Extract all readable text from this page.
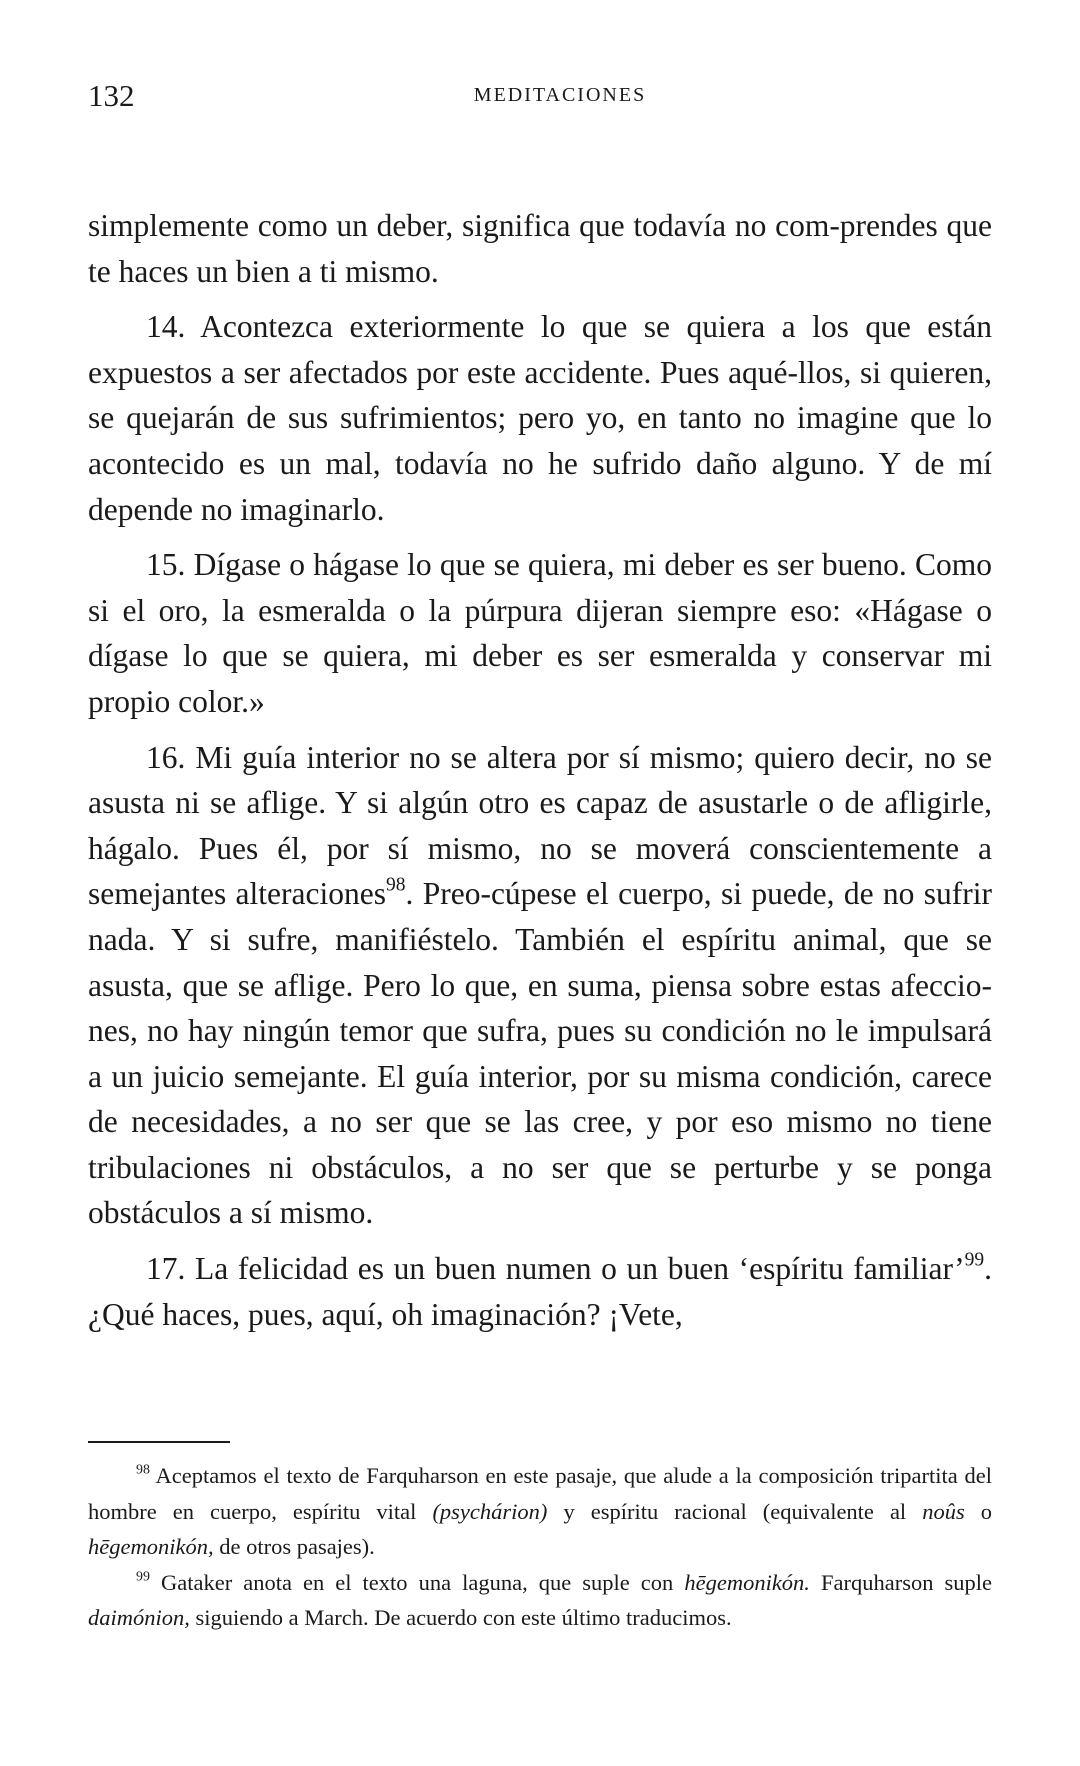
132	MEDITACIONES

simplemente como un deber, significa que todavía no com-prendes que te haces un bien a ti mismo.

14. Acontezca exteriormente lo que se quiera a los que están expuestos a ser afectados por este accidente. Pues aqué-llos, si quieren, se quejarán de sus sufrimientos; pero yo, en tanto no imagine que lo acontecido es un mal, todavía no he sufrido daño alguno. Y de mí depende no imaginarlo.

15. Dígase o hágase lo que se quiera, mi deber es ser bueno. Como si el oro, la esmeralda o la púrpura dijeran siempre eso: «Hágase o dígase lo que se quiera, mi deber es ser esmeralda y conservar mi propio color.»

16. Mi guía interior no se altera por sí mismo; quiero decir, no se asusta ni se aflige. Y si algún otro es capaz de asustarle o de afligirle, hágalo. Pues él, por sí mismo, no se moverá conscientemente a semejantes alteraciones$^{98}$. Preo-cúpese el cuerpo, si puede, de no sufrir nada. Y si sufre, manifiéstelo. También el espíritu animal, que se asusta, que se aflige. Pero lo que, en suma, piensa sobre estas afeccio-nes, no hay ningún temor que sufra, pues su condición no le impulsará a un juicio semejante. El guía interior, por su misma condición, carece de necesidades, a no ser que se las cree, y por eso mismo no tiene tribulaciones ni obstáculos, a no ser que se perturbe y se ponga obstáculos a sí mismo.

17. La felicidad es un buen numen o un buen ‘espíritu familiar’$^{99}$. ¿Qué haces, pues, aquí, oh imaginación? ¡Vete,

$^{98}$ Aceptamos el texto de Farquharson en este pasaje, que alude a la composición tripartita del hombre en cuerpo, espíritu vital (psychárion) y espíritu racional (equivalente al noûs o hēgemonikón, de otros pasajes).

$^{99}$ Gataker anota en el texto una laguna, que suple con hēgemonikón. Farquharson suple daimónion, siguiendo a March. De acuerdo con este último traducimos.
